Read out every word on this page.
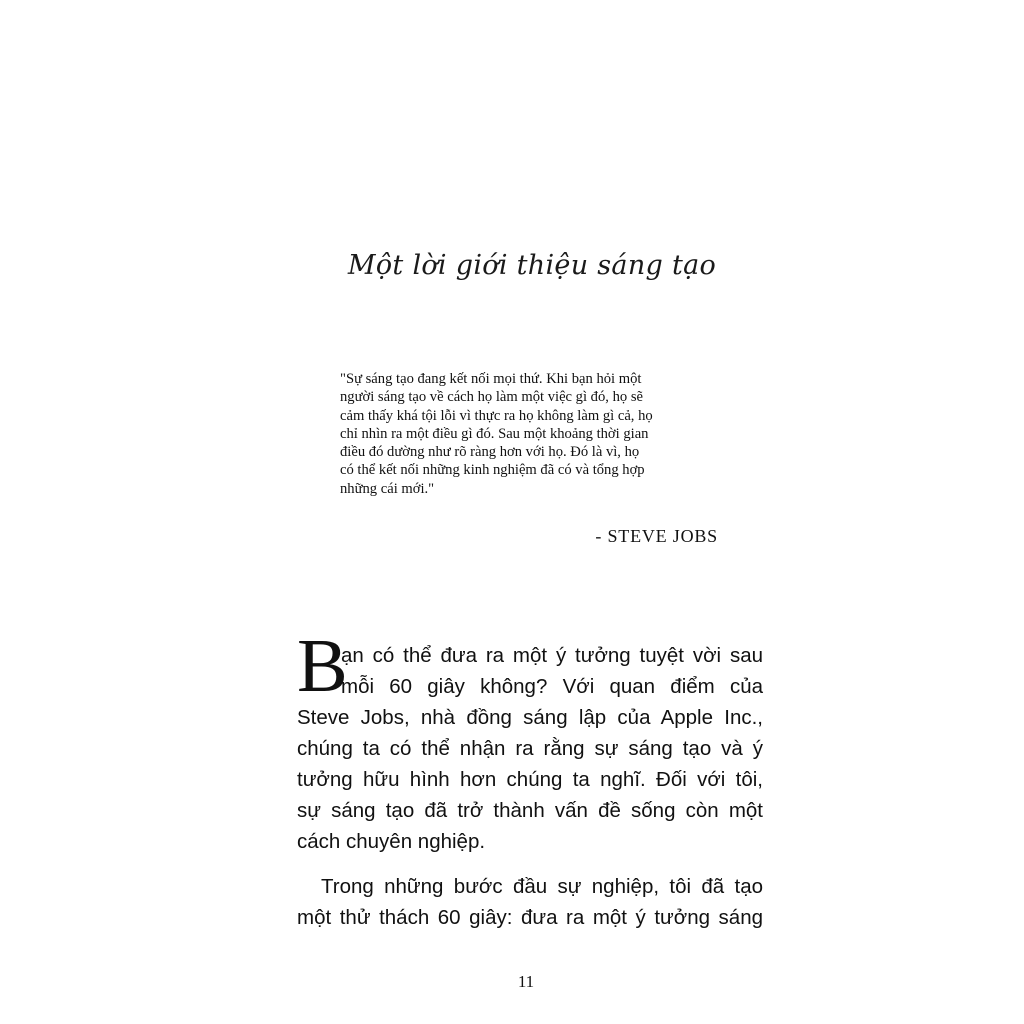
Một lời giới thiệu sáng tạo
"Sự sáng tạo đang kết nối mọi thứ. Khi bạn hỏi một
người sáng tạo về cách họ làm một việc gì đó, họ sẽ
cảm thấy khá tội lỗi vì thực ra họ không làm gì cả, họ
chỉ nhìn ra một điều gì đó. Sau một khoảng thời gian
điều đó dường như rõ ràng hơn với họ. Đó là vì, họ
có thể kết nối những kinh nghiệm đã có và tổng hợp
những cái mới."
- STEVE JOBS
B
ạn có thể đưa ra một ý tưởng tuyệt vời sau
mỗi 60 giây không? Với quan điểm của
Steve Jobs, nhà đồng sáng lập của Apple Inc.,
chúng ta có thể nhận ra rằng sự sáng tạo và ý
tưởng hữu hình hơn chúng ta nghĩ. Đối với tôi,
sự sáng tạo đã trở thành vấn đề sống còn một
cách chuyên nghiệp.
Trong những bước đầu sự nghiệp, tôi đã tạo
một thử thách 60 giây: đưa ra một ý tưởng sáng
11
